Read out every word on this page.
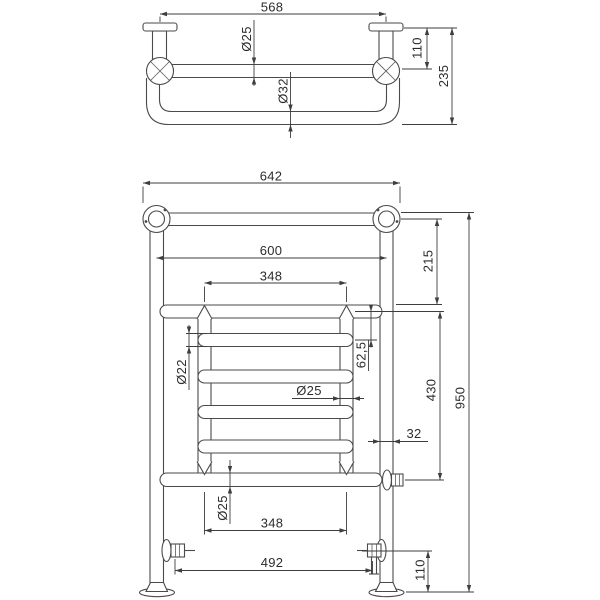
568
Ø25
Ø32
110
235
642
600
348
215
950
Ø22
62,5
Ø25
32
430
Ø25
348
492	110
